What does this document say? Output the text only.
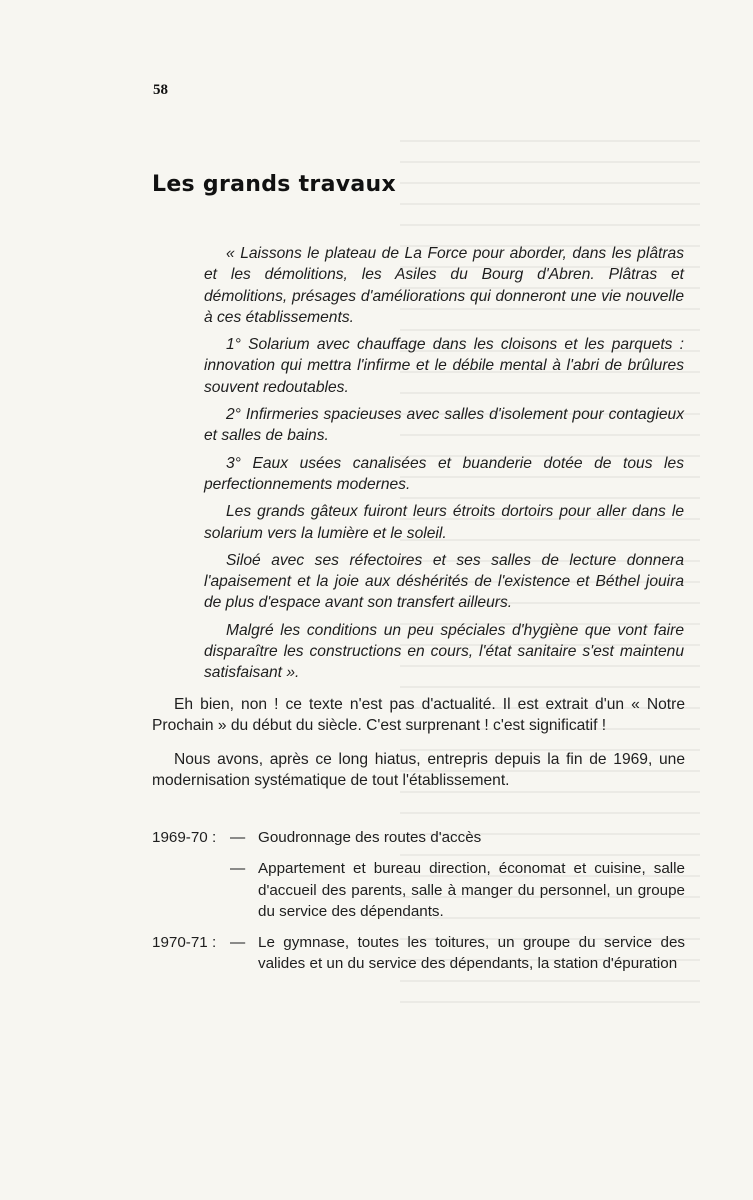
58
Les grands travaux

« Laissons le plateau de La Force pour aborder, dans les plâtras et les démolitions, les Asiles du Bourg d'Abren. Plâtras et démolitions, présages d'améliorations qui donneront une vie nouvelle à ces établissements.

1° Solarium avec chauffage dans les cloisons et les parquets : innovation qui mettra l'infirme et le débile mental à l'abri de brûlures souvent redoutables.

2° Infirmeries spacieuses avec salles d'isolement pour contagieux et salles de bains.

3° Eaux usées canalisées et buanderie dotée de tous les perfectionnements modernes.

Les grands gâteux fuiront leurs étroits dortoirs pour aller dans le solarium vers la lumière et le soleil.

Siloé avec ses réfectoires et ses salles de lecture donnera l'apaisement et la joie aux déshérités de l'existence et Béthel jouira de plus d'espace avant son transfert ailleurs.

Malgré les conditions un peu spéciales d'hygiène que vont faire disparaître les constructions en cours, l'état sanitaire s'est maintenu satisfaisant ».

Eh bien, non ! ce texte n'est pas d'actualité. Il est extrait d'un « Notre Prochain » du début du siècle. C'est surprenant ! c'est significatif !

Nous avons, après ce long hiatus, entrepris depuis la fin de 1969, une modernisation systématique de tout l'établissement.

1969-70 : — Goudronnage des routes d'accès
— Appartement et bureau direction, économat et cuisine, salle d'accueil des parents, salle à manger du personnel, un groupe du service des dépendants.
1970-71 : — Le gymnase, toutes les toitures, un groupe du service des valides et un du service des dépendants, la station d'épuration
